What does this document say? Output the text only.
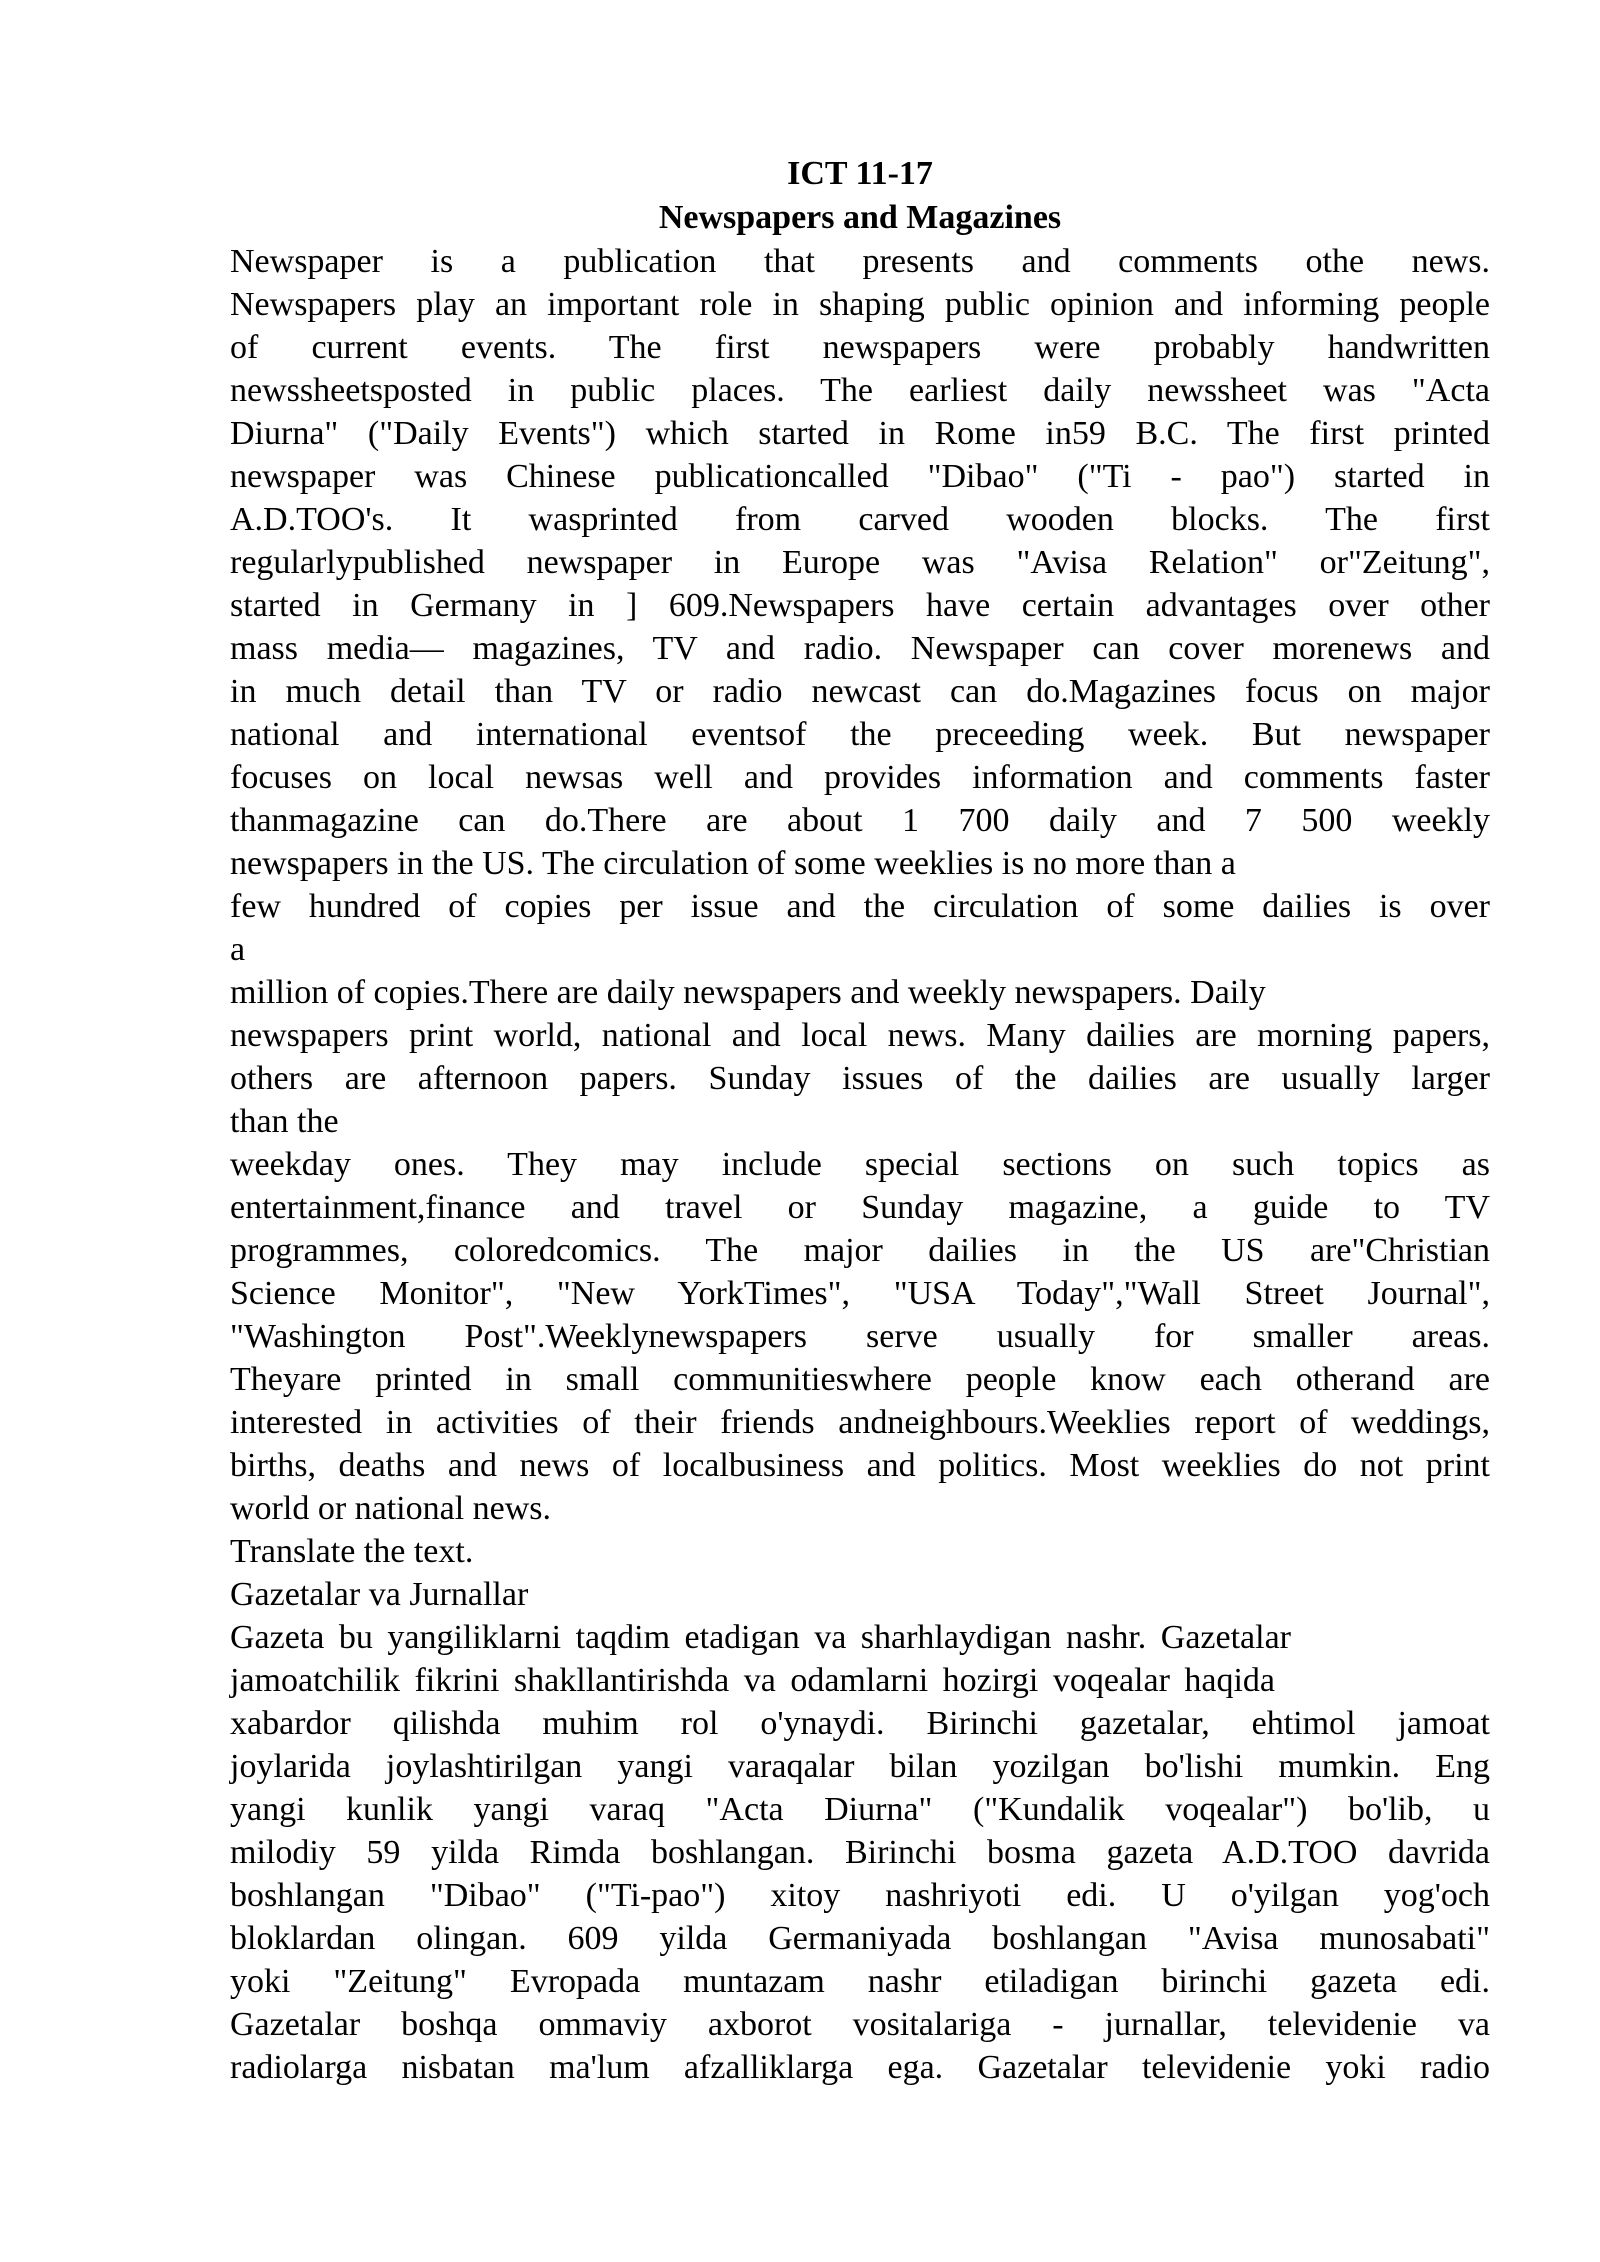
ICT 11-17
Newspapers and Magazines
Newspaper is a publication that presents and comments othe news.
Newspapers play an important role in shaping public opinion and informing people
of current events. The first newspapers were probably handwritten
newssheetsposted in public places. The earliest daily newssheet was "Acta
Diurna" ("Daily Events") which started in Rome in59 B.C. The first printed
newspaper was Chinese publicationcalled "Dibao" ("Ti - pao") started in
A.D.TOO's. It wasprinted from carved wooden blocks. The first
regularlypublished newspaper in Europe was "Avisa Relation" or"Zeitung",
started in Germany in ] 609.Newspapers have certain advantages over other
mass media— magazines, TV and radio. Newspaper can cover morenews and
in much detail than TV or radio newcast can do.Magazines focus on major
national and international eventsof the preceeding week. But newspaper
focuses on local newsas well and provides information and comments faster
thanmagazine can do.There are about 1 700 daily and 7 500 weekly
newspapers in the US. The circulation of some weeklies is no more than a
few hundred of copies per issue and the circulation of some dailies is over
a
million of copies.There are daily newspapers and weekly newspapers. Daily
newspapers print world, national and local news. Many dailies are morning papers,
others are afternoon papers. Sunday issues of the dailies are usually larger
than the
weekday ones. They may include special sections on such topics as
entertainment,finance and travel or Sunday magazine, a guide to TV
programmes, coloredcomics. The major dailies in the US are"Christian
Science Monitor", "New YorkTimes", "USA Today","Wall Street Journal",
"Washington Post".Weeklynewspapers serve usually for smaller areas.
Theyare printed in small communitieswhere people know each otherand are
interested in activities of their friends andneighbours.Weeklies report of weddings,
births, deaths and news of localbusiness and politics. Most weeklies do not print
world or national news.
Translate the text.
Gazetalar va Jurnallar
Gazeta bu yangiliklarni taqdim etadigan va sharhlaydigan nashr. Gazetalar
jamoatchilik fikrini shakllantirishda va odamlarni hozirgi voqealar haqida
xabardor qilishda muhim rol o'ynaydi. Birinchi gazetalar, ehtimol jamoat
joylarida joylashtirilgan yangi varaqalar bilan yozilgan bo'lishi mumkin. Eng
yangi kunlik yangi varaq "Acta Diurna" ("Kundalik voqealar") bo'lib, u
milodiy 59 yilda Rimda boshlangan. Birinchi bosma gazeta A.D.TOO davrida
boshlangan "Dibao" ("Ti-pao") xitoy nashriyoti edi. U o'yilgan yog'och
bloklardan olingan. 609 yilda Germaniyada boshlangan "Avisa munosabati"
yoki "Zeitung" Evropada muntazam nashr etiladigan birinchi gazeta edi.
Gazetalar boshqa ommaviy axborot vositalariga - jurnallar, televidenie va
radiolarga nisbatan ma'lum afzalliklarga ega. Gazetalar televidenie yoki radio
